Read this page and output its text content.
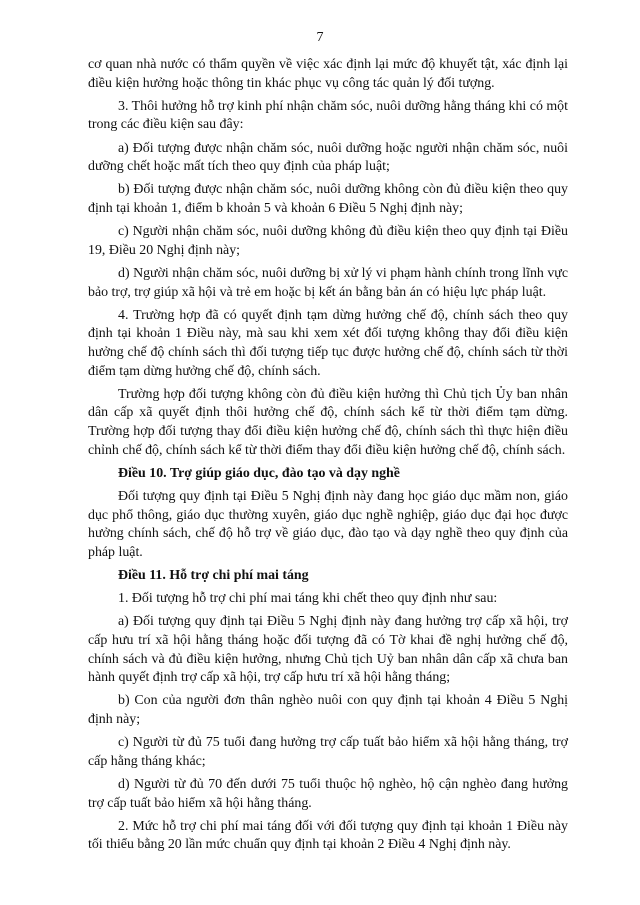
7

cơ quan nhà nước có thẩm quyền về việc xác định lại mức độ khuyết tật, xác định lại điều kiện hưởng hoặc thông tin khác phục vụ công tác quản lý đối tượng.

3. Thôi hưởng hỗ trợ kinh phí nhận chăm sóc, nuôi dưỡng hằng tháng khi có một trong các điều kiện sau đây:

a) Đối tượng được nhận chăm sóc, nuôi dưỡng hoặc người nhận chăm sóc, nuôi dưỡng chết hoặc mất tích theo quy định của pháp luật;

b) Đối tượng được nhận chăm sóc, nuôi dưỡng không còn đủ điều kiện theo quy định tại khoản 1, điểm b khoản 5 và khoản 6 Điều 5 Nghị định này;

c) Người nhận chăm sóc, nuôi dưỡng không đủ điều kiện theo quy định tại Điều 19, Điều 20 Nghị định này;

d) Người nhận chăm sóc, nuôi dưỡng bị xử lý vi phạm hành chính trong lĩnh vực bảo trợ, trợ giúp xã hội và trẻ em hoặc bị kết án bằng bản án có hiệu lực pháp luật.

4. Trường hợp đã có quyết định tạm dừng hưởng chế độ, chính sách theo quy định tại khoản 1 Điều này, mà sau khi xem xét đối tượng không thay đổi điều kiện hưởng chế độ chính sách thì đối tượng tiếp tục được hưởng chế độ, chính sách từ thời điểm tạm dừng hưởng chế độ, chính sách.

Trường hợp đối tượng không còn đủ điều kiện hưởng thì Chủ tịch Ủy ban nhân dân cấp xã quyết định thôi hưởng chế độ, chính sách kể từ thời điểm tạm dừng. Trường hợp đối tượng thay đổi điều kiện hưởng chế độ, chính sách thì thực hiện điều chỉnh chế độ, chính sách kể từ thời điểm thay đổi điều kiện hưởng chế độ, chính sách.

Điều 10. Trợ giúp giáo dục, đào tạo và dạy nghề

Đối tượng quy định tại Điều 5 Nghị định này đang học giáo dục mầm non, giáo dục phổ thông, giáo dục thường xuyên, giáo dục nghề nghiệp, giáo dục đại học được hưởng chính sách, chế độ hỗ trợ về giáo dục, đào tạo và dạy nghề theo quy định của pháp luật.

Điều 11. Hỗ trợ chi phí mai táng

1. Đối tượng hỗ trợ chi phí mai táng khi chết theo quy định như sau:

a) Đối tượng quy định tại Điều 5 Nghị định này đang hưởng trợ cấp xã hội, trợ cấp hưu trí xã hội hằng tháng hoặc đối tượng đã có Tờ khai đề nghị hưởng chế độ, chính sách và đủ điều kiện hưởng, nhưng Chủ tịch Uỷ ban nhân dân cấp xã chưa ban hành quyết định trợ cấp xã hội, trợ cấp hưu trí xã hội hằng tháng;

b) Con của người đơn thân nghèo nuôi con quy định tại khoản 4 Điều 5 Nghị định này;

c) Người từ đủ 75 tuổi đang hưởng trợ cấp tuất bảo hiểm xã hội hằng tháng, trợ cấp hằng tháng khác;

d) Người từ đủ 70 đến dưới 75 tuổi thuộc hộ nghèo, hộ cận nghèo đang hưởng trợ cấp tuất bảo hiểm xã hội hằng tháng.

2. Mức hỗ trợ chi phí mai táng đối với đối tượng quy định tại khoản 1 Điều này tối thiểu bằng 20 lần mức chuẩn quy định tại khoản 2 Điều 4 Nghị định này.
